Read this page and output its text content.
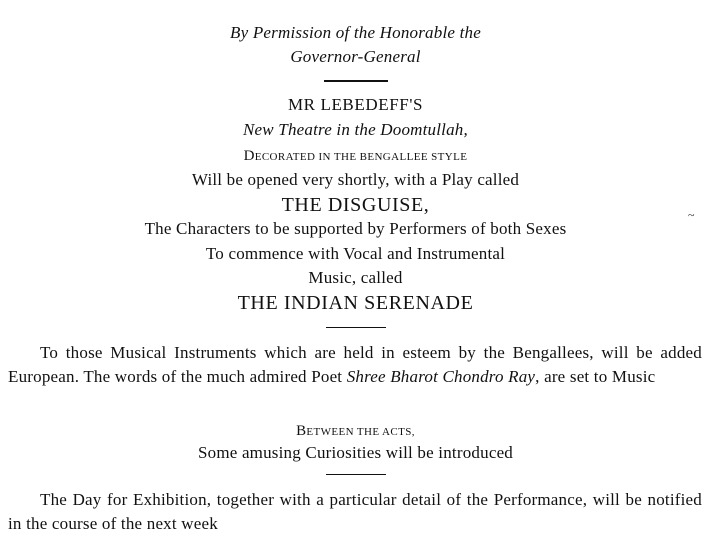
By Permission of the Honorable the
Governor-General
MR LEBEDEFF'S
New Theatre in the Doomtullah,
DECORATED IN THE BENGALLEE STYLE
Will be opened very shortly, with a Play called
THE DISGUISE,
The Characters to be supported by Performers of both Sexes
To commence with Vocal and Instrumental
Music, called
THE INDIAN SERENADE
To those Musical Instruments which are held in esteem by the Bengallees, will be added European. The words of the much admired Poet Shree Bharot Chondro Ray, are set to Music
BETWEEN THE ACTS,
Some amusing Curiosities will be introduced
The Day for Exhibition, together with a particular detail of the Performance, will be notified in the course of the next week
~
